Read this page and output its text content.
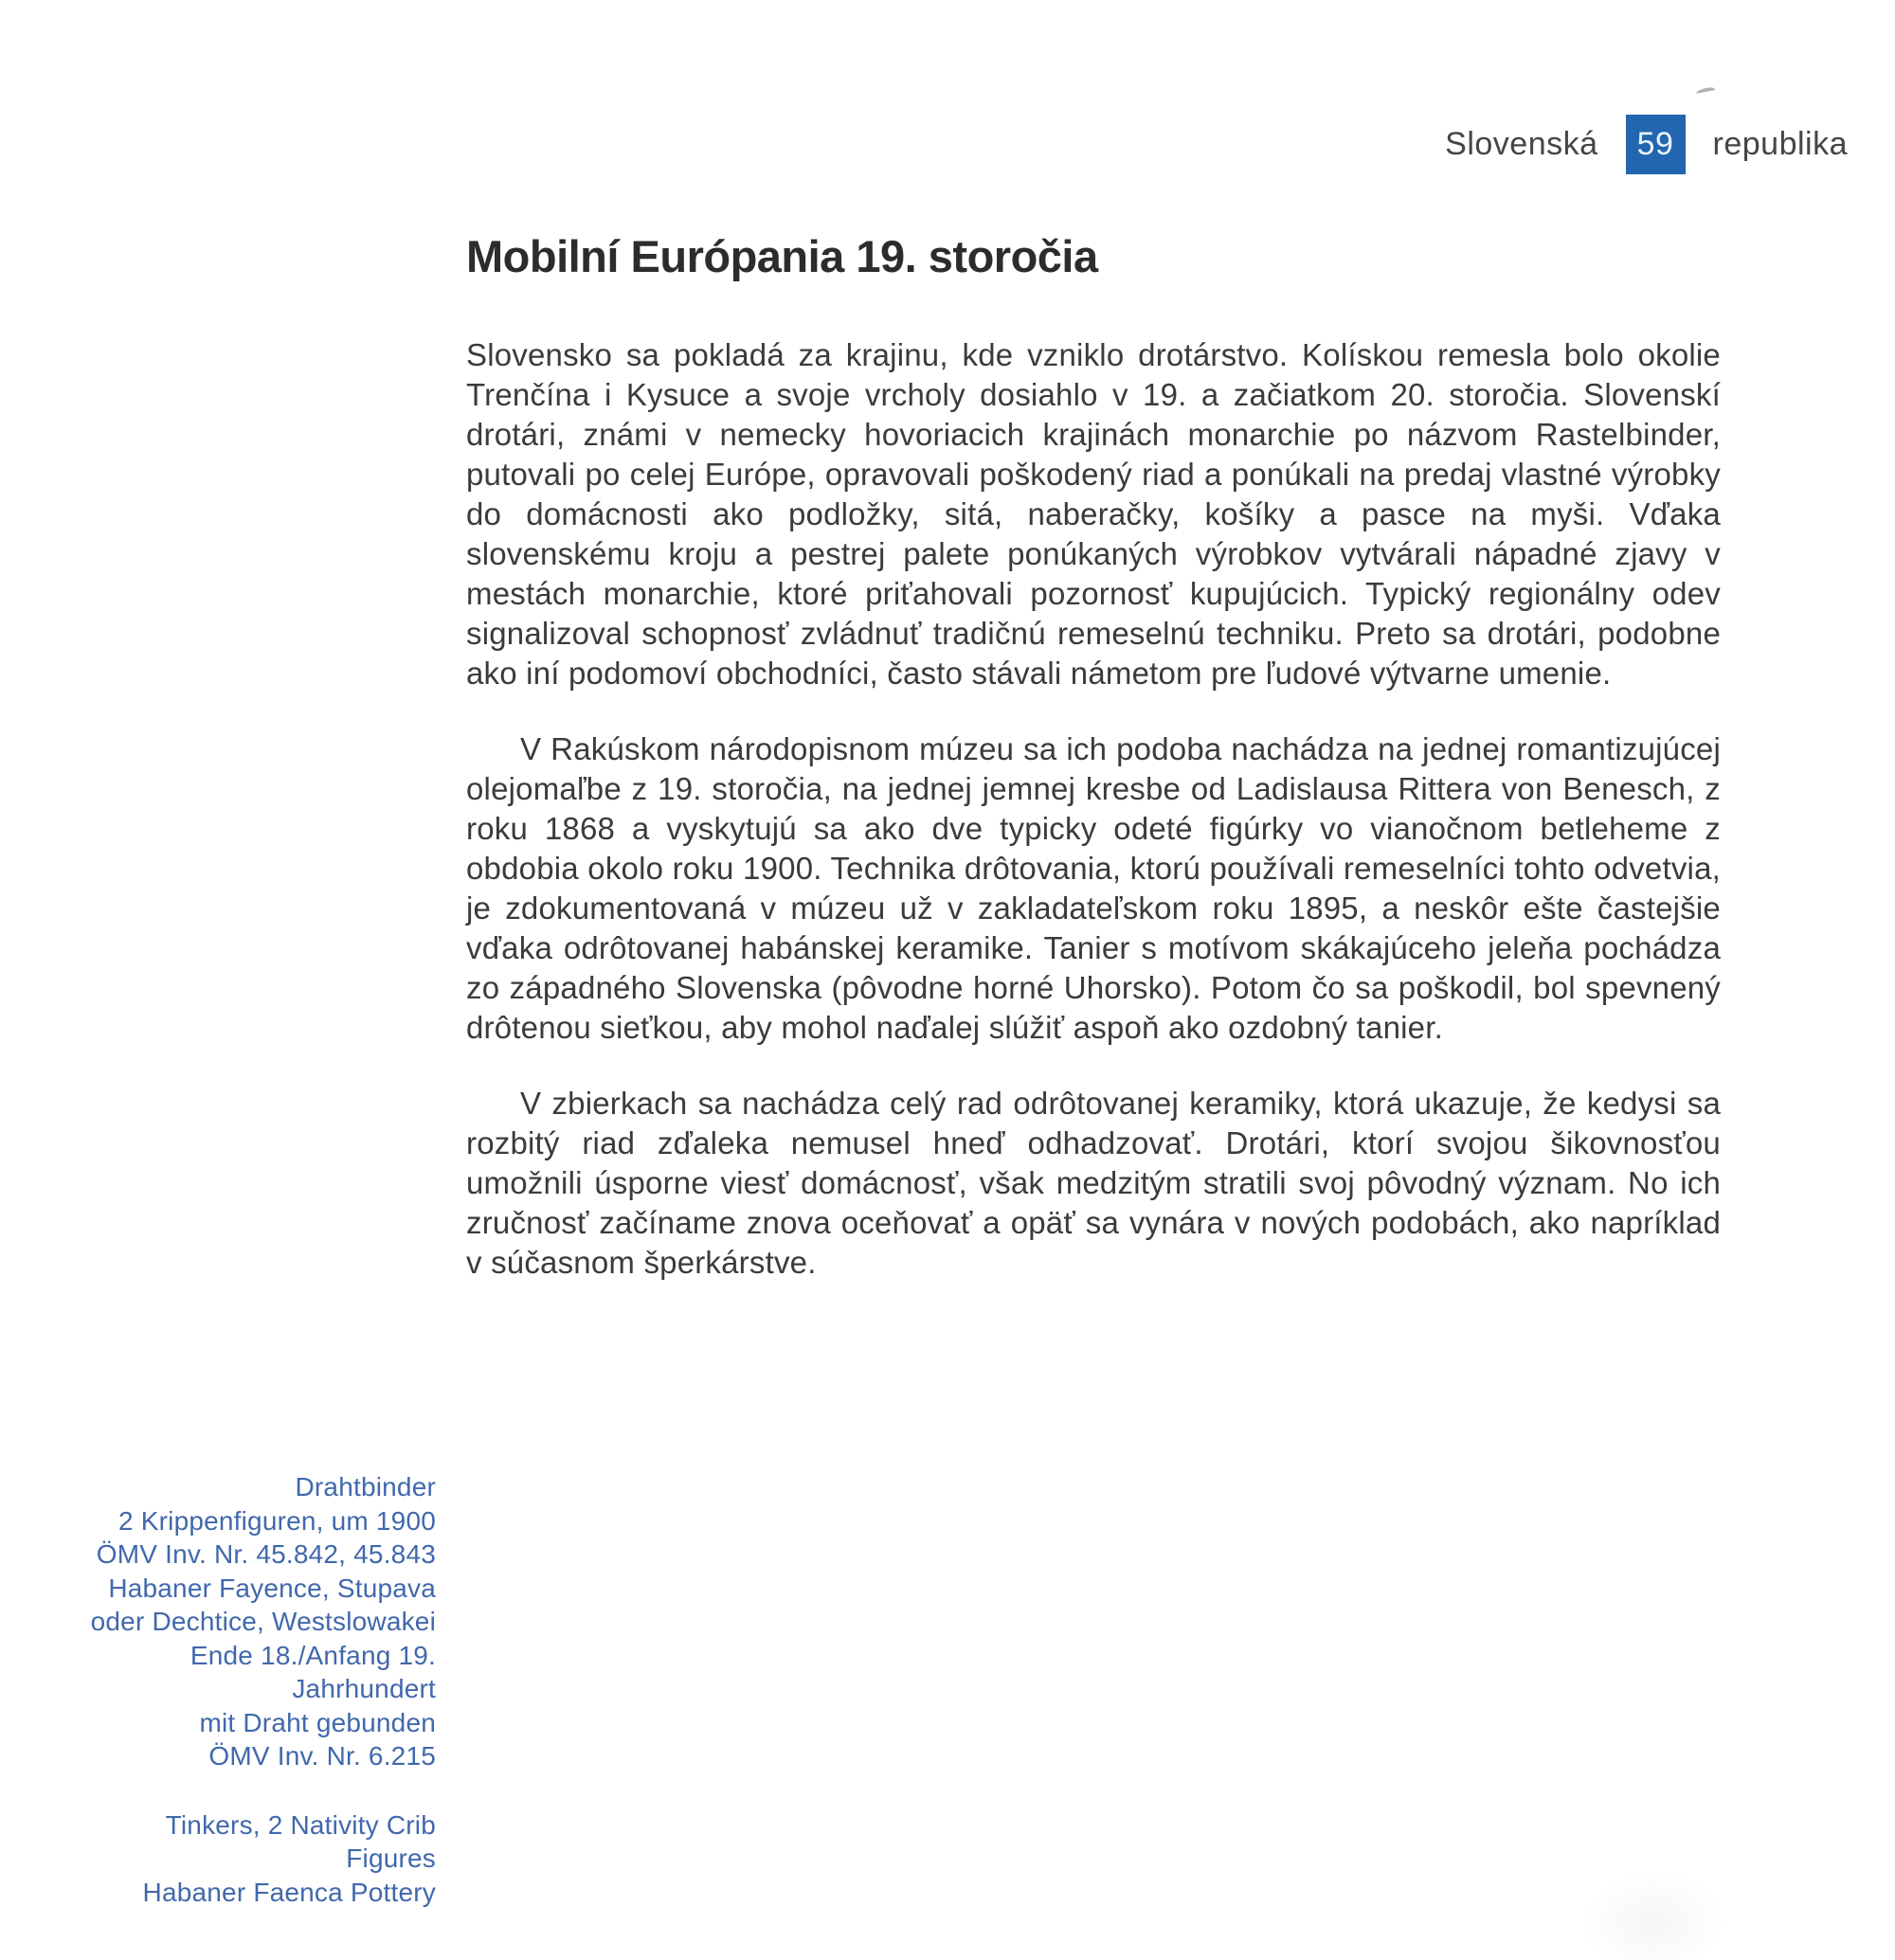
Slovenská 59 republika
Mobilní Európania 19. storočia

Slovensko sa pokladá za krajinu, kde vzniklo drotárstvo. Kolískou remesla bolo okolie Trenčína i Kysuce a svoje vrcholy dosiahlo v 19. a začiatkom 20. storočia. Slovenskí drotári, známi v nemecky hovoriacich krajinách monarchie po názvom Rastelbinder, putovali po celej Európe, opravovali poškodený riad a ponúkali na predaj vlastné výrobky do domácnosti ako podložky, sitá, naberačky, košíky a pasce na myši. Vďaka slovenskému kroju a pestrej palete ponúkaných výrobkov vytvárali nápadné zjavy v mestách monarchie, ktoré priťahovali pozornosť kupujúcich. Typický regionálny odev signalizoval schopnosť zvládnuť tradičnú remeselnú techniku. Preto sa drotári, podobne ako iní podomoví obchodníci, často stávali námetom pre ľudové výtvarne umenie.

V Rakúskom národopisnom múzeu sa ich podoba nachádza na jednej romantizujúcej olejomaľbe z 19. storočia, na jednej jemnej kresbe od Ladislausa Rittera von Benesch, z roku 1868 a vyskytujú sa ako dve typicky odeté figúrky vo vianočnom betleheme z obdobia okolo roku 1900. Technika drôtovania, ktorú používali remeselníci tohto odvetvia, je zdokumentovaná v múzeu už v zakladateľskom roku 1895, a neskôr ešte častejšie vďaka odrôtovanej habánskej keramike. Tanier s motívom skákajúceho jeleňa pochádza zo západného Slovenska (pôvodne horné Uhorsko). Potom čo sa poškodil, bol spevnený drôtenou sieťkou, aby mohol naďalej slúžiť aspoň ako ozdobný tanier.

V zbierkach sa nachádza celý rad odrôtovanej keramiky, ktorá ukazuje, že kedysi sa rozbitý riad zďaleka nemusel hneď odhadzovať. Drotári, ktorí svojou šikovnosťou umožnili úsporne viesť domácnosť, však medzitým stratili svoj pôvodný význam. No ich zručnosť začíname znova oceňovať a opäť sa vynára v nových podobách, ako napríklad v súčasnom šperkárstve.

Drahtbinder
2 Krippenfiguren, um 1900
ÖMV Inv. Nr. 45.842, 45.843
Habaner Fayence, Stupava
oder Dechtice, Westslowakei
Ende 18./Anfang 19. Jahrhundert
mit Draht gebunden
ÖMV Inv. Nr. 6.215
Tinkers, 2 Nativity Crib Figures
Habaner Faenca Pottery
